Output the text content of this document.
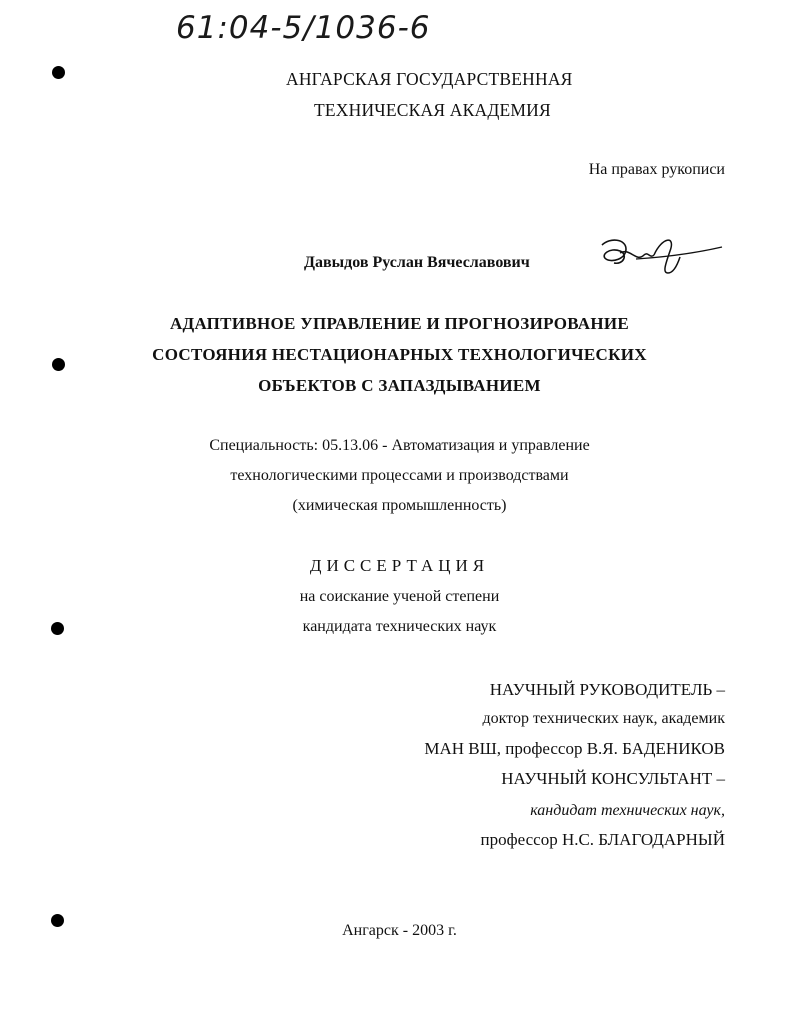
61:04-5/1036-6
АНГАРСКАЯ ГОСУДАРСТВЕННАЯ
ТЕХНИЧЕСКАЯ АКАДЕМИЯ
На правах рукописи
Давыдов Руслан Вячеславович
АДАПТИВНОЕ УПРАВЛЕНИЕ И ПРОГНОЗИРОВАНИЕ
СОСТОЯНИЯ НЕСТАЦИОНАРНЫХ ТЕХНОЛОГИЧЕСКИХ
ОБЪЕКТОВ С ЗАПАЗДЫВАНИЕМ
Специальность: 05.13.06 - Автоматизация и управление
технологическими процессами и производствами
(химическая промышленность)
ДИССЕРТАЦИЯ
на соискание ученой степени
кандидата технических наук
НАУЧНЫЙ РУКОВОДИТЕЛЬ –
доктор технических наук, академик
МАН ВШ, профессор В.Я. БАДЕНИКОВ
НАУЧНЫЙ КОНСУЛЬТАНТ –
кандидат технических наук,
профессор Н.С. БЛАГОДАРНЫЙ
Ангарск - 2003 г.
